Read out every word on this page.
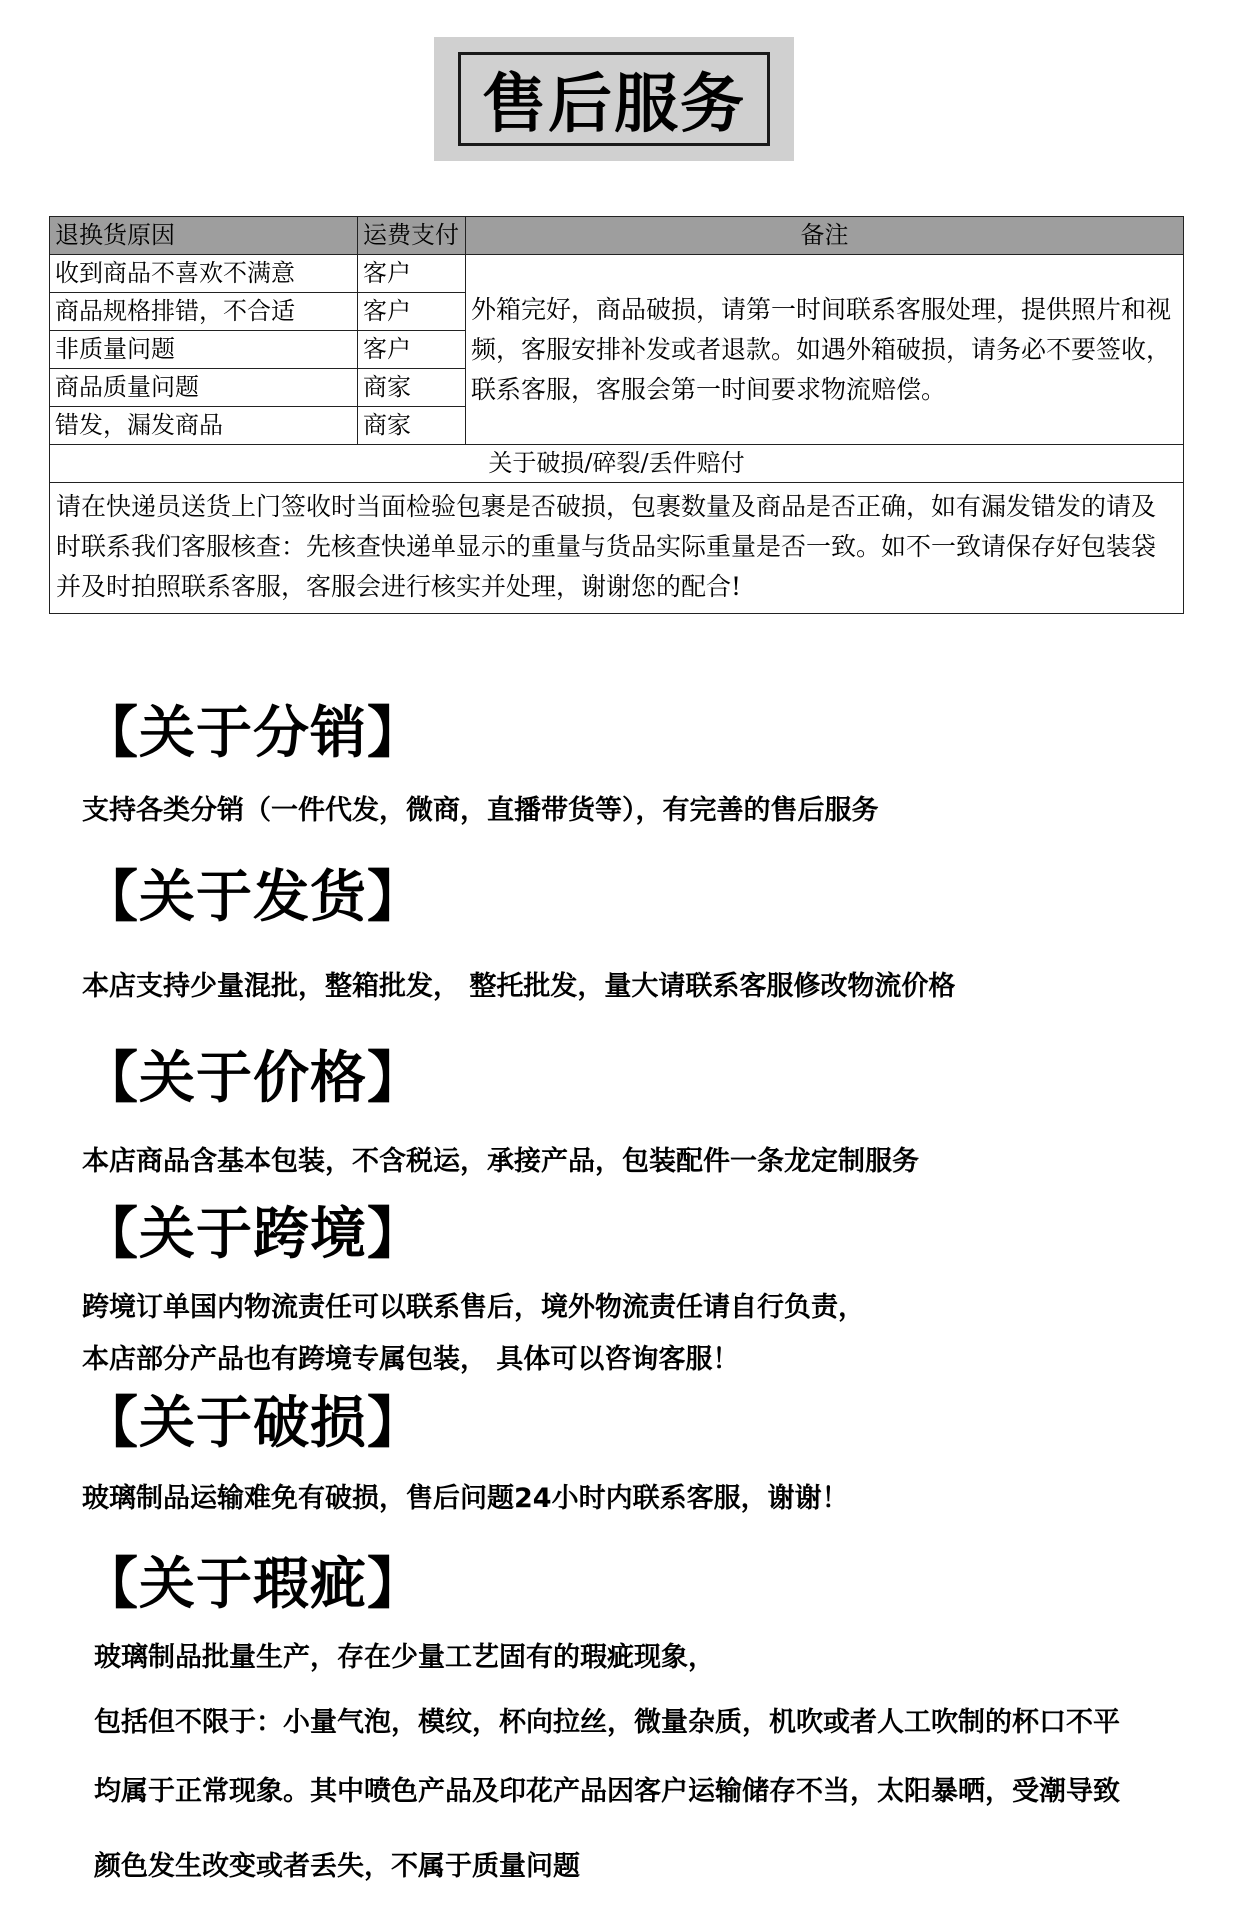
售后服务
退换货原因	运费支付	备注
收到商品不喜欢不满意	客户	外箱完好，商品破损，请第一时间联系客服处理，提供照片和视频，客服安排补发或者退款。如遇外箱破损，请务必不要签收，联系客服，客服会第一时间要求物流赔偿。
商品规格排错，不合适	客户	
非质量问题	客户	
商品质量问题	商家	
错发，漏发商品	商家	
关于破损/碎裂/丢件赔付		
请在快递员送货上门签收时当面检验包裹是否破损，包裹数量及商品是否正确，如有漏发错发的请及时联系我们客服核查：先核查快递单显示的重量与货品实际重量是否一致。如不一致请保存好包装袋并及时拍照联系客服，客服会进行核实并处理，谢谢您的配合!		
【关于分销】

支持各类分销（一件代发，微商，直播带货等），有完善的售后服务

【关于发货】

本店支持少量混批，整箱批发， 整托批发，量大请联系客服修改物流价格

【关于价格】

本店商品含基本包装，不含税运，承接产品，包装配件一条龙定制服务

【关于跨境】

跨境订单国内物流责任可以联系售后，境外物流责任请自行负责，

本店部分产品也有跨境专属包装， 具体可以咨询客服！

【关于破损】

玻璃制品运输难免有破损，售后问题24小时内联系客服，谢谢！

【关于瑕疵】

玻璃制品批量生产，存在少量工艺固有的瑕疵现象，

包括但不限于：小量气泡，模纹，杯向拉丝，微量杂质，机吹或者人工吹制的杯口不平

均属于正常现象。其中喷色产品及印花产品因客户运输储存不当，太阳暴晒，受潮导致

颜色发生改变或者丢失，不属于质量问题
